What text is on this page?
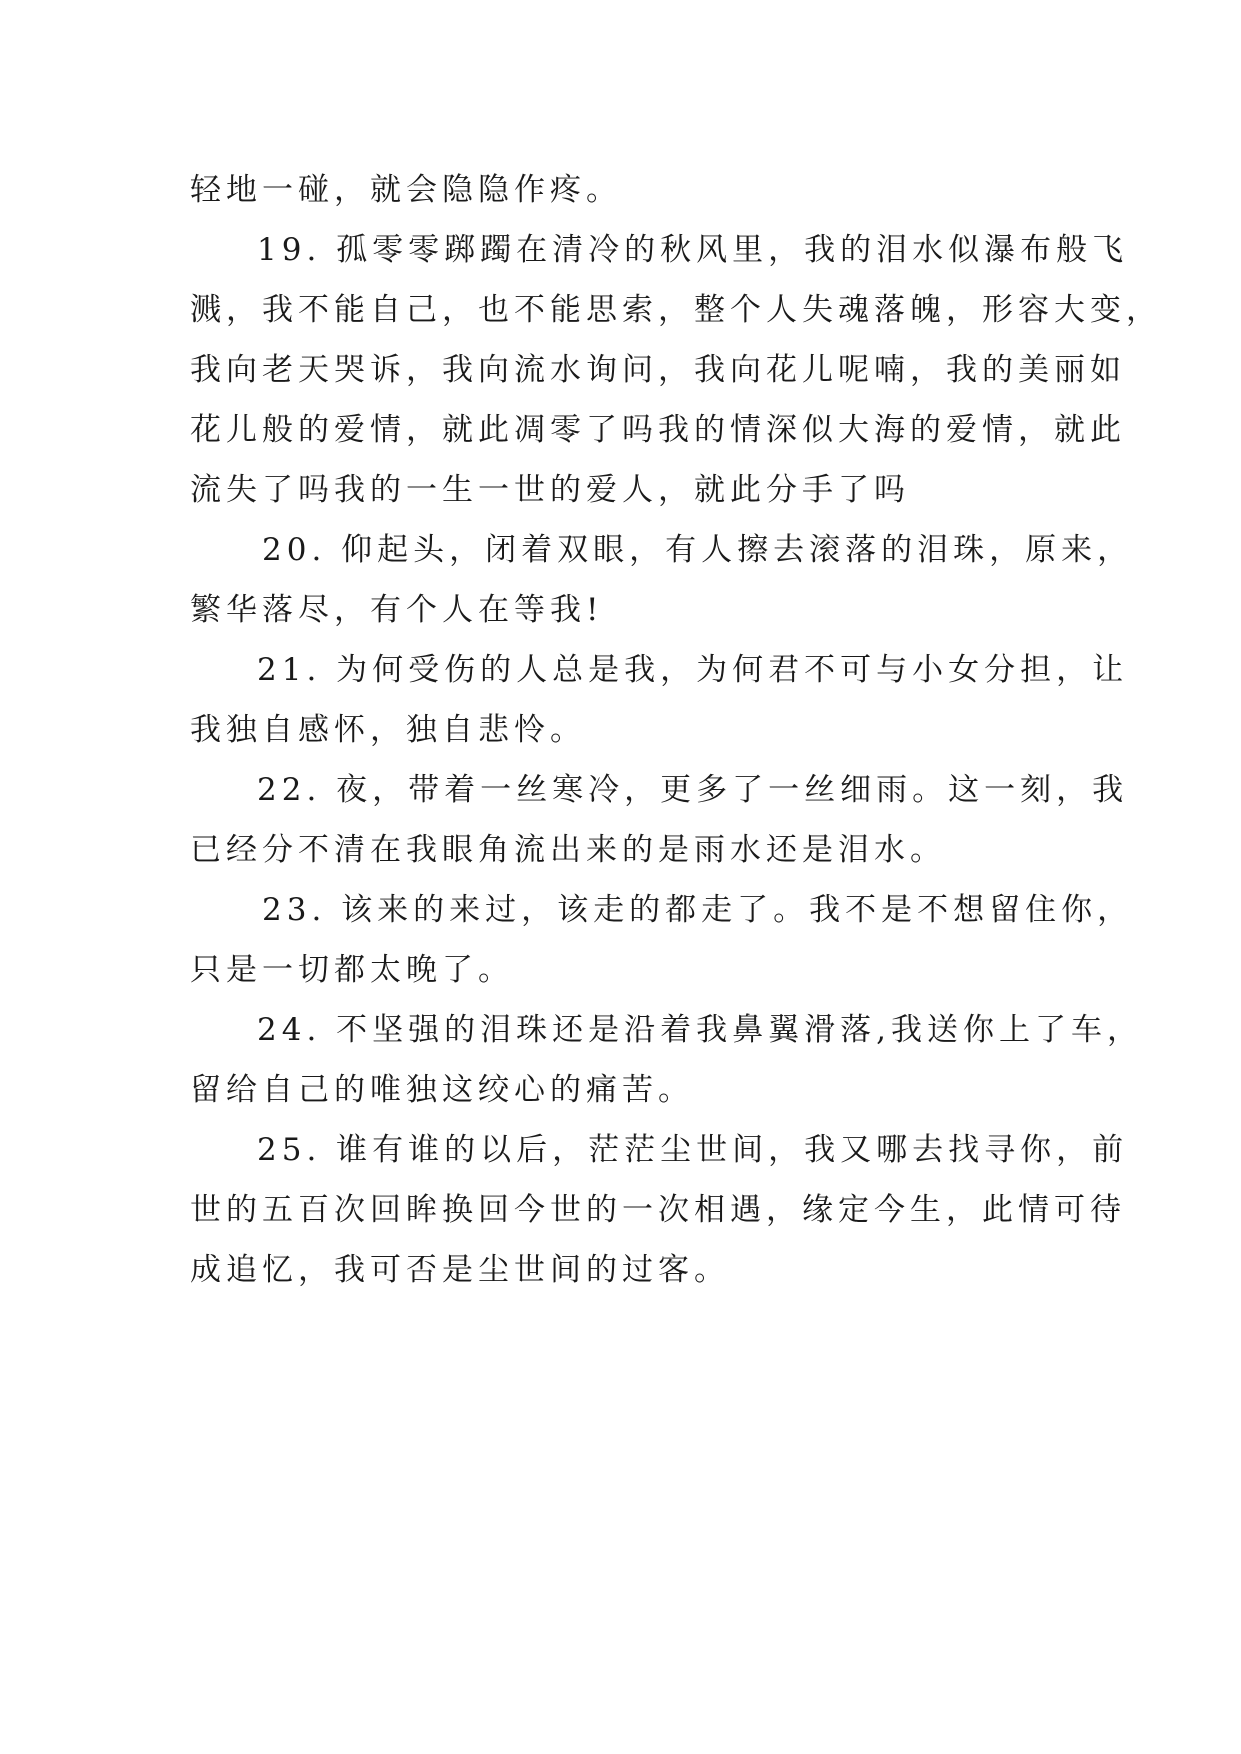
轻地一碰，就会隐隐作疼。
19. 孤零零踯躅在清冷的秋风里，我的泪水似瀑布般飞
溅，我不能自己，也不能思索，整个人失魂落魄，形容大变，
我向老天哭诉，我向流水询问，我向花儿呢喃，我的美丽如
花儿般的爱情，就此凋零了吗我的情深似大海的爱情，就此
流失了吗我的一生一世的爱人，就此分手了吗
20. 仰起头，闭着双眼，有人擦去滚落的泪珠，原来，
繁华落尽，有个人在等我!
21. 为何受伤的人总是我，为何君不可与小女分担，让
我独自感怀，独自悲怜。
22. 夜，带着一丝寒冷，更多了一丝细雨。这一刻，我
已经分不清在我眼角流出来的是雨水还是泪水。
23. 该来的来过，该走的都走了。我不是不想留住你，
只是一切都太晚了。
24. 不坚强的泪珠还是沿着我鼻翼滑落,我送你上了车，
留给自己的唯独这绞心的痛苦。
25. 谁有谁的以后，茫茫尘世间，我又哪去找寻你，前
世的五百次回眸换回今世的一次相遇，缘定今生，此情可待
成追忆，我可否是尘世间的过客。
